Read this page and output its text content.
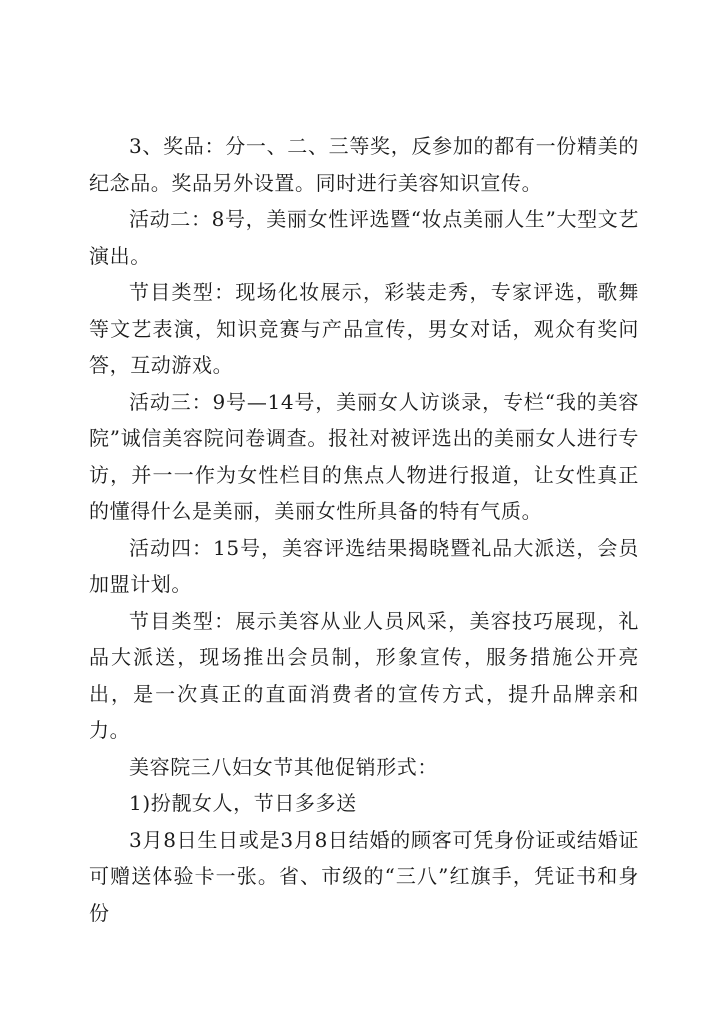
3、奖品：分一、二、三等奖，反参加的都有一份精美的纪念品。奖品另外设置。同时进行美容知识宣传。

活动二：8号，美丽女性评选暨“妆点美丽人生”大型文艺演出。

节目类型：现场化妆展示，彩装走秀，专家评选，歌舞等文艺表演，知识竞赛与产品宣传，男女对话，观众有奖问答，互动游戏。

活动三：9号—14号，美丽女人访谈录，专栏“我的美容院”诚信美容院问卷调查。报社对被评选出的美丽女人进行专访，并一一作为女性栏目的焦点人物进行报道，让女性真正的懂得什么是美丽，美丽女性所具备的特有气质。

活动四：15号，美容评选结果揭晓暨礼品大派送，会员加盟计划。

节目类型：展示美容从业人员风采，美容技巧展现，礼品大派送，现场推出会员制，形象宣传，服务措施公开亮出，是一次真正的直面消费者的宣传方式，提升品牌亲和力。

美容院三八妇女节其他促销形式：

1)扮靓女人，节日多多送

3月8日生日或是3月8日结婚的顾客可凭身份证或结婚证可赠送体验卡一张。省、市级的“三八”红旗手，凭证书和身份
